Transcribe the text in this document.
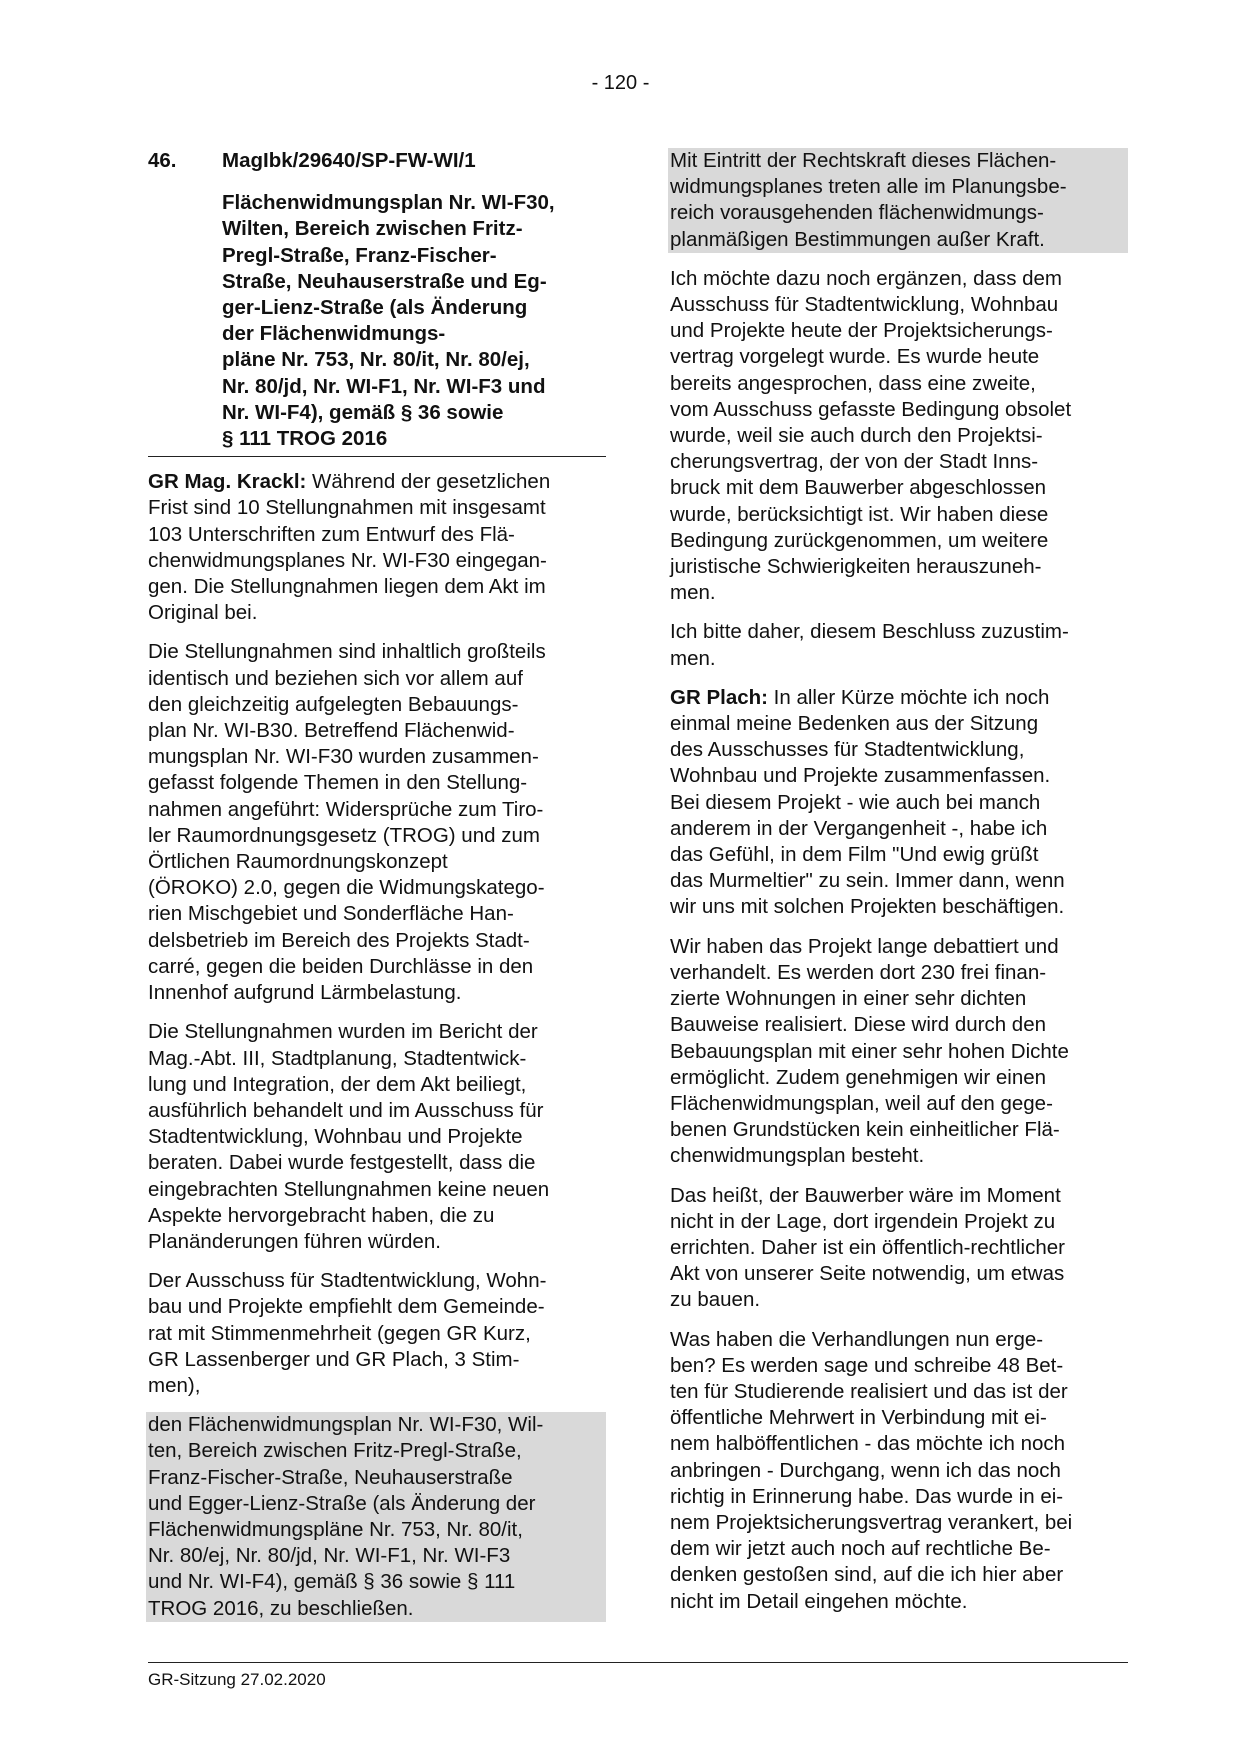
- 120 -
46.	MagIbk/29640/SP-FW-WI/1
Flächenwidmungsplan Nr. WI-F30,
Wilten, Bereich zwischen Fritz-
Pregl-Straße, Franz-Fischer-
Straße, Neuhauserstraße und Eg-
ger-Lienz-Straße (als Änderung
der Flächenwidmungs-
pläne Nr. 753, Nr. 80/it, Nr. 80/ej,
Nr. 80/jd, Nr. WI-F1, Nr. WI-F3 und
Nr. WI-F4), gemäß § 36 sowie
§ 111 TROG 2016

GR Mag. Krackl: Während der gesetzlichen
Frist sind 10 Stellungnahmen mit insgesamt
103 Unterschriften zum Entwurf des Flä-
chenwidmungsplanes Nr. WI-F30 eingegan-
gen. Die Stellungnahmen liegen dem Akt im
Original bei.

Die Stellungnahmen sind inhaltlich großteils
identisch und beziehen sich vor allem auf
den gleichzeitig aufgelegten Bebauungs-
plan Nr. WI-B30. Betreffend Flächenwid-
mungsplan Nr. WI-F30 wurden zusammen-
gefasst folgende Themen in den Stellung-
nahmen angeführt: Widersprüche zum Tiro-
ler Raumordnungsgesetz (TROG) und zum
Örtlichen Raumordnungskonzept
(ÖROKO) 2.0, gegen die Widmungskatego-
rien Mischgebiet und Sonderfläche Han-
delsbetrieb im Bereich des Projekts Stadt-
carré, gegen die beiden Durchlässe in den
Innenhof aufgrund Lärmbelastung.

Die Stellungnahmen wurden im Bericht der
Mag.-Abt. III, Stadtplanung, Stadtentwick-
lung und Integration, der dem Akt beiliegt,
ausführlich behandelt und im Ausschuss für
Stadtentwicklung, Wohnbau und Projekte
beraten. Dabei wurde festgestellt, dass die
eingebrachten Stellungnahmen keine neuen
Aspekte hervorgebracht haben, die zu
Planänderungen führen würden.

Der Ausschuss für Stadtentwicklung, Wohn-
bau und Projekte empfiehlt dem Gemeinde-
rat mit Stimmenmehrheit (gegen GR Kurz,
GR Lassenberger und GR Plach, 3 Stim-
men),

den Flächenwidmungsplan Nr. WI-F30, Wil-
ten, Bereich zwischen Fritz-Pregl-Straße,
Franz-Fischer-Straße, Neuhauserstraße
und Egger-Lienz-Straße (als Änderung der
Flächenwidmungspläne Nr. 753, Nr. 80/it,
Nr. 80/ej, Nr. 80/jd, Nr. WI-F1, Nr. WI-F3
und Nr. WI-F4), gemäß § 36 sowie § 111
TROG 2016, zu beschließen.

Mit Eintritt der Rechtskraft dieses Flächen-
widmungsplanes treten alle im Planungsbe-
reich vorausgehenden flächenwidmungs-
planmäßigen Bestimmungen außer Kraft.

Ich möchte dazu noch ergänzen, dass dem
Ausschuss für Stadtentwicklung, Wohnbau
und Projekte heute der Projektsicherungs-
vertrag vorgelegt wurde. Es wurde heute
bereits angesprochen, dass eine zweite,
vom Ausschuss gefasste Bedingung obsolet
wurde, weil sie auch durch den Projektsi-
cherungsvertrag, der von der Stadt Inns-
bruck mit dem Bauwerber abgeschlossen
wurde, berücksichtigt ist. Wir haben diese
Bedingung zurückgenommen, um weitere
juristische Schwierigkeiten herauszuneh-
men.

Ich bitte daher, diesem Beschluss zuzustim-
men.

GR Plach: In aller Kürze möchte ich noch
einmal meine Bedenken aus der Sitzung
des Ausschusses für Stadtentwicklung,
Wohnbau und Projekte zusammenfassen.
Bei diesem Projekt - wie auch bei manch
anderem in der Vergangenheit -, habe ich
das Gefühl, in dem Film "Und ewig grüßt
das Murmeltier" zu sein. Immer dann, wenn
wir uns mit solchen Projekten beschäftigen.

Wir haben das Projekt lange debattiert und
verhandelt. Es werden dort 230 frei finan-
zierte Wohnungen in einer sehr dichten
Bauweise realisiert. Diese wird durch den
Bebauungsplan mit einer sehr hohen Dichte
ermöglicht. Zudem genehmigen wir einen
Flächenwidmungsplan, weil auf den gege-
benen Grundstücken kein einheitlicher Flä-
chenwidmungsplan besteht.

Das heißt, der Bauwerber wäre im Moment
nicht in der Lage, dort irgendein Projekt zu
errichten. Daher ist ein öffentlich-rechtlicher
Akt von unserer Seite notwendig, um etwas
zu bauen.

Was haben die Verhandlungen nun erge-
ben? Es werden sage und schreibe 48 Bet-
ten für Studierende realisiert und das ist der
öffentliche Mehrwert in Verbindung mit ei-
nem halböffentlichen - das möchte ich noch
anbringen - Durchgang, wenn ich das noch
richtig in Erinnerung habe. Das wurde in ei-
nem Projektsicherungsvertrag verankert, bei
dem wir jetzt auch noch auf rechtliche Be-
denken gestoßen sind, auf die ich hier aber
nicht im Detail eingehen möchte.

GR-Sitzung 27.02.2020
